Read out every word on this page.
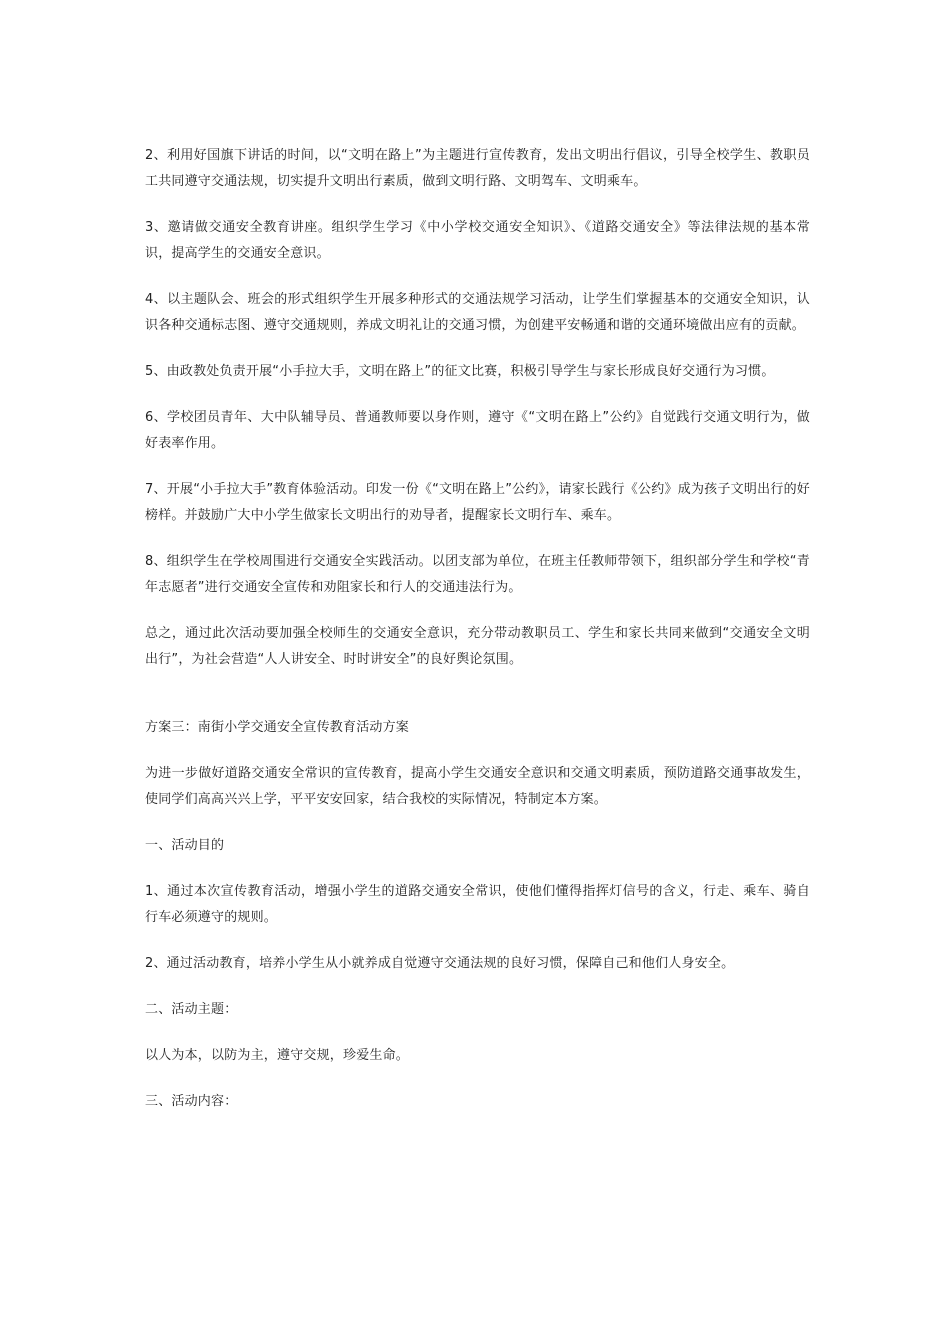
2、利用好国旗下讲话的时间，以“文明在路上”为主题进行宣传教育，发出文明出行倡议，引导全校学生、教职员工共同遵守交通法规，切实提升文明出行素质，做到文明行路、文明驾车、文明乘车。

3、邀请做交通安全教育讲座。组织学生学习《中小学校交通安全知识》、《道路交通安全》等法律法规的基本常识，提高学生的交通安全意识。

4、以主题队会、班会的形式组织学生开展多种形式的交通法规学习活动，让学生们掌握基本的交通安全知识，认识各种交通标志图、遵守交通规则，养成文明礼让的交通习惯，为创建平安畅通和谐的交通环境做出应有的贡献。

5、由政教处负责开展“小手拉大手，文明在路上”的征文比赛，积极引导学生与家长形成良好交通行为习惯。

6、学校团员青年、大中队辅导员、普通教师要以身作则，遵守《“文明在路上”公约》自觉践行交通文明行为，做好表率作用。

7、开展“小手拉大手”教育体验活动。印发一份《“文明在路上”公约》，请家长践行《公约》成为孩子文明出行的好榜样。并鼓励广大中小学生做家长文明出行的劝导者，提醒家长文明行车、乘车。

8、组织学生在学校周围进行交通安全实践活动。以团支部为单位，在班主任教师带领下，组织部分学生和学校“青年志愿者”进行交通安全宣传和劝阻家长和行人的交通违法行为。

总之，通过此次活动要加强全校师生的交通安全意识，充分带动教职员工、学生和家长共同来做到“交通安全文明出行”，为社会营造“人人讲安全、时时讲安全”的良好舆论氛围。

方案三：南街小学交通安全宣传教育活动方案

为进一步做好道路交通安全常识的宣传教育，提高小学生交通安全意识和交通文明素质，预防道路交通事故发生，使同学们高高兴兴上学，平平安安回家，结合我校的实际情况，特制定本方案。

一、活动目的

1、通过本次宣传教育活动，增强小学生的道路交通安全常识，使他们懂得指挥灯信号的含义，行走、乘车、骑自行车必须遵守的规则。

2、通过活动教育，培养小学生从小就养成自觉遵守交通法规的良好习惯，保障自己和他们人身安全。

二、活动主题：

以人为本，以防为主，遵守交规，珍爱生命。

三、活动内容：
